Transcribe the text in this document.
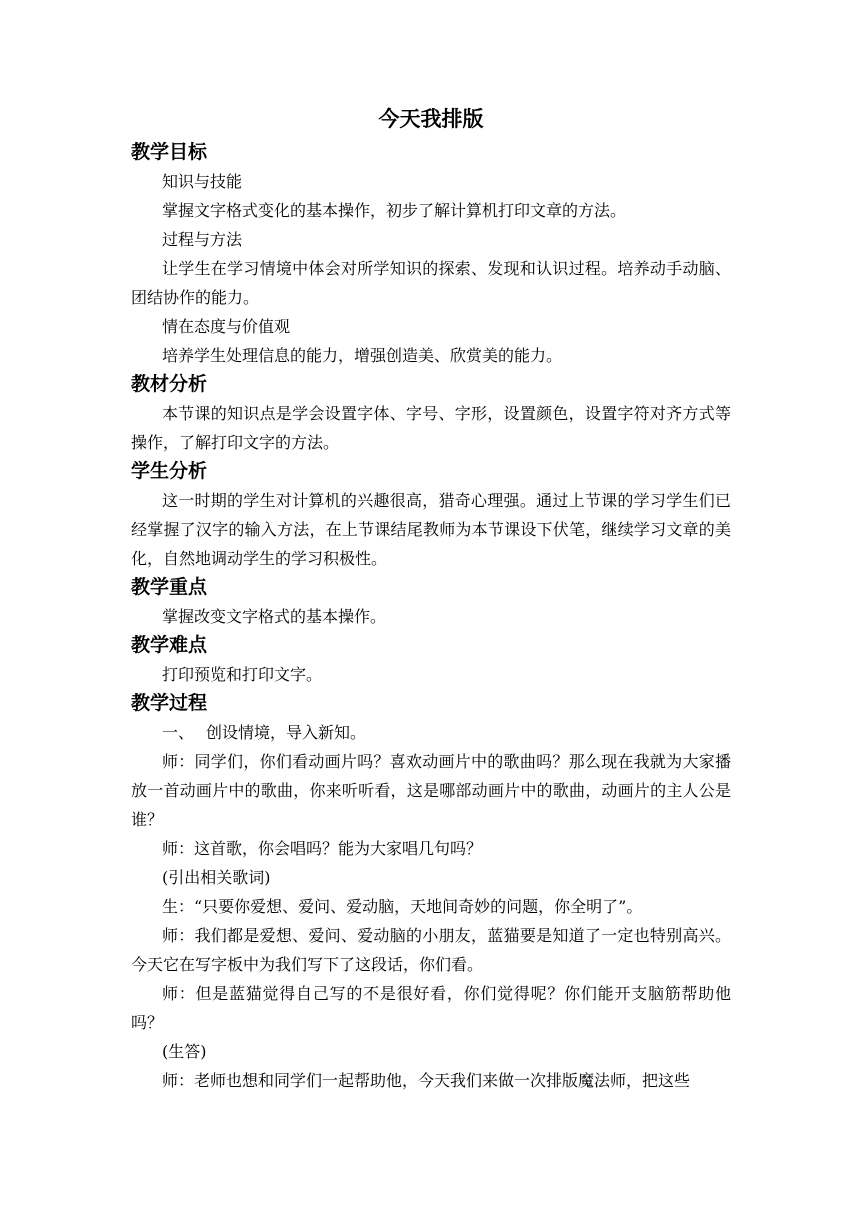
今天我排版
教学目标

知识与技能

掌握文字格式变化的基本操作，初步了解计算机打印文章的方法。

过程与方法

让学生在学习情境中体会对所学知识的探索、发现和认识过程。培养动手动脑、团结协作的能力。

情在态度与价值观

培养学生处理信息的能力，增强创造美、欣赏美的能力。

教材分析

本节课的知识点是学会设置字体、字号、字形，设置颜色，设置字符对齐方式等操作，了解打印文字的方法。

学生分析

这一时期的学生对计算机的兴趣很高，猎奇心理强。通过上节课的学习学生们已经掌握了汉字的输入方法，在上节课结尾教师为本节课设下伏笔，继续学习文章的美化，自然地调动学生的学习积极性。

教学重点

掌握改变文字格式的基本操作。

教学难点

打印预览和打印文字。

教学过程

一、 创设情境，导入新知。

师：同学们，你们看动画片吗？喜欢动画片中的歌曲吗？那么现在我就为大家播放一首动画片中的歌曲，你来听听看，这是哪部动画片中的歌曲，动画片的主人公是谁？

师：这首歌，你会唱吗？能为大家唱几句吗？

(引出相关歌词)

生：“只要你爱想、爱问、爱动脑，天地间奇妙的问题，你全明了”。

师：我们都是爱想、爱问、爱动脑的小朋友，蓝猫要是知道了一定也特别高兴。今天它在写字板中为我们写下了这段话，你们看。

师：但是蓝猫觉得自己写的不是很好看，你们觉得呢？你们能开支脑筋帮助他吗？

(生答)

师：老师也想和同学们一起帮助他，今天我们来做一次排版魔法师，把这些
